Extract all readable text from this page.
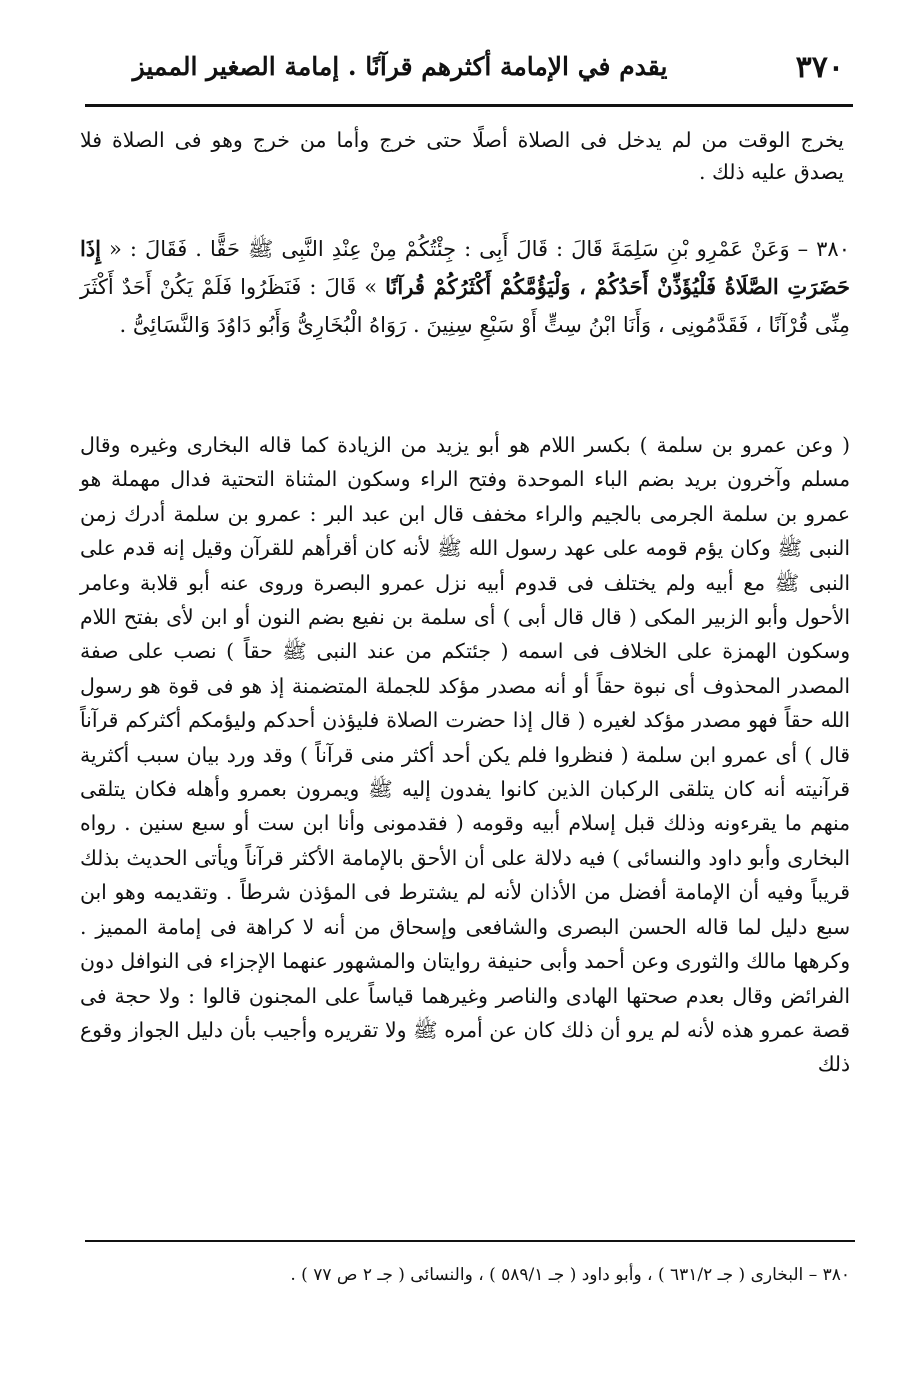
٣٧٠
يقدم في الإمامة أكثرهم قرآنًا . إمامة الصغير المميز

يخرج الوقت من لم يدخل فى الصلاة أصلًا حتى خرج وأما من خرج وهو فى الصلاة فلا يصدق عليه ذلك .

٣٨٠ – وَعَنْ عَمْرِو بْنِ سَلِمَةَ قَالَ : قَالَ أَبِى : جِئْتُكُمْ مِنْ عِنْدِ النَّبِى ﷺ حَقًّا . فَقَالَ : « إِذَا حَضَرَتِ الصَّلَاةُ فَلْيُؤَذِّنْ أَحَدُكُمْ ، وَلْيَؤُمَّكُمْ أَكْثَرُكُمْ قُرآنًا » قَالَ : فَنَظَرُوا فَلَمْ يَكُنْ أَحَدٌ أَكْثَرَ مِنِّى قُرْآنًا ، فَقَدَّمُونِى ، وَأَنَا ابْنُ سِتٍّ أَوْ سَبْعِ سِنِينَ . رَوَاهُ الْبُخَارِىُّ وَأَبُو دَاوُدَ وَالنَّسَائِىُّ .

( وعن عمرو بن سلمة ) بكسر اللام هو أبو يزيد من الزيادة كما قاله البخارى وغيره وقال مسلم وآخرون بريد بضم الباء الموحدة وفتح الراء وسكون المثناة التحتية فدال مهملة هو عمرو بن سلمة الجرمى بالجيم والراء مخفف قال ابن عبد البر : عمرو بن سلمة أدرك زمن النبى ﷺ وكان يؤم قومه على عهد رسول الله ﷺ لأنه كان أقرأهم للقرآن وقيل إنه قدم على النبى ﷺ مع أبيه ولم يختلف فى قدوم أبيه نزل عمرو البصرة وروى عنه أبو قلابة وعامر الأحول وأبو الزبير المكى ( قال قال أبى ) أى سلمة بن نفيع بضم النون أو ابن لأى بفتح اللام وسكون الهمزة على الخلاف فى اسمه ( جئتكم من عند النبى ﷺ حقاً ) نصب على صفة المصدر المحذوف أى نبوة حقاً أو أنه مصدر مؤكد للجملة المتضمنة إذ هو فى قوة هو رسول الله حقاً فهو مصدر مؤكد لغيره ( قال إذا حضرت الصلاة فليؤذن أحدكم وليؤمكم أكثركم قرآناً قال ) أى عمرو ابن سلمة ( فنظروا فلم يكن أحد أكثر منى قرآناً ) وقد ورد بيان سبب أكثرية قرآنيته أنه كان يتلقى الركبان الذين كانوا يفدون إليه ﷺ ويمرون بعمرو وأهله فكان يتلقى منهم ما يقرءونه وذلك قبل إسلام أبيه وقومه ( فقدمونى وأنا ابن ست أو سبع سنين . رواه البخارى وأبو داود والنسائى ) فيه دلالة على أن الأحق بالإمامة الأكثر قرآناً ويأتى الحديث بذلك قريباً وفيه أن الإمامة أفضل من الأذان لأنه لم يشترط فى المؤذن شرطاً . وتقديمه وهو ابن سبع دليل لما قاله الحسن البصرى والشافعى وإسحاق من أنه لا كراهة فى إمامة المميز . وكرهها مالك والثورى وعن أحمد وأبى حنيفة روايتان والمشهور عنهما الإجزاء فى النوافل دون الفرائض وقال بعدم صحتها الهادى والناصر وغيرهما قياساً على المجنون قالوا : ولا حجة فى قصة عمرو هذه لأنه لم يرو أن ذلك كان عن أمره ﷺ ولا تقريره وأجيب بأن دليل الجواز وقوع ذلك

٣٨٠ – البخارى ( جـ ٦٣١/٢ ) ، وأبو داود ( جـ ٥٨٩/١ ) ، والنسائى ( جـ ٢ ص ٧٧ ) .
